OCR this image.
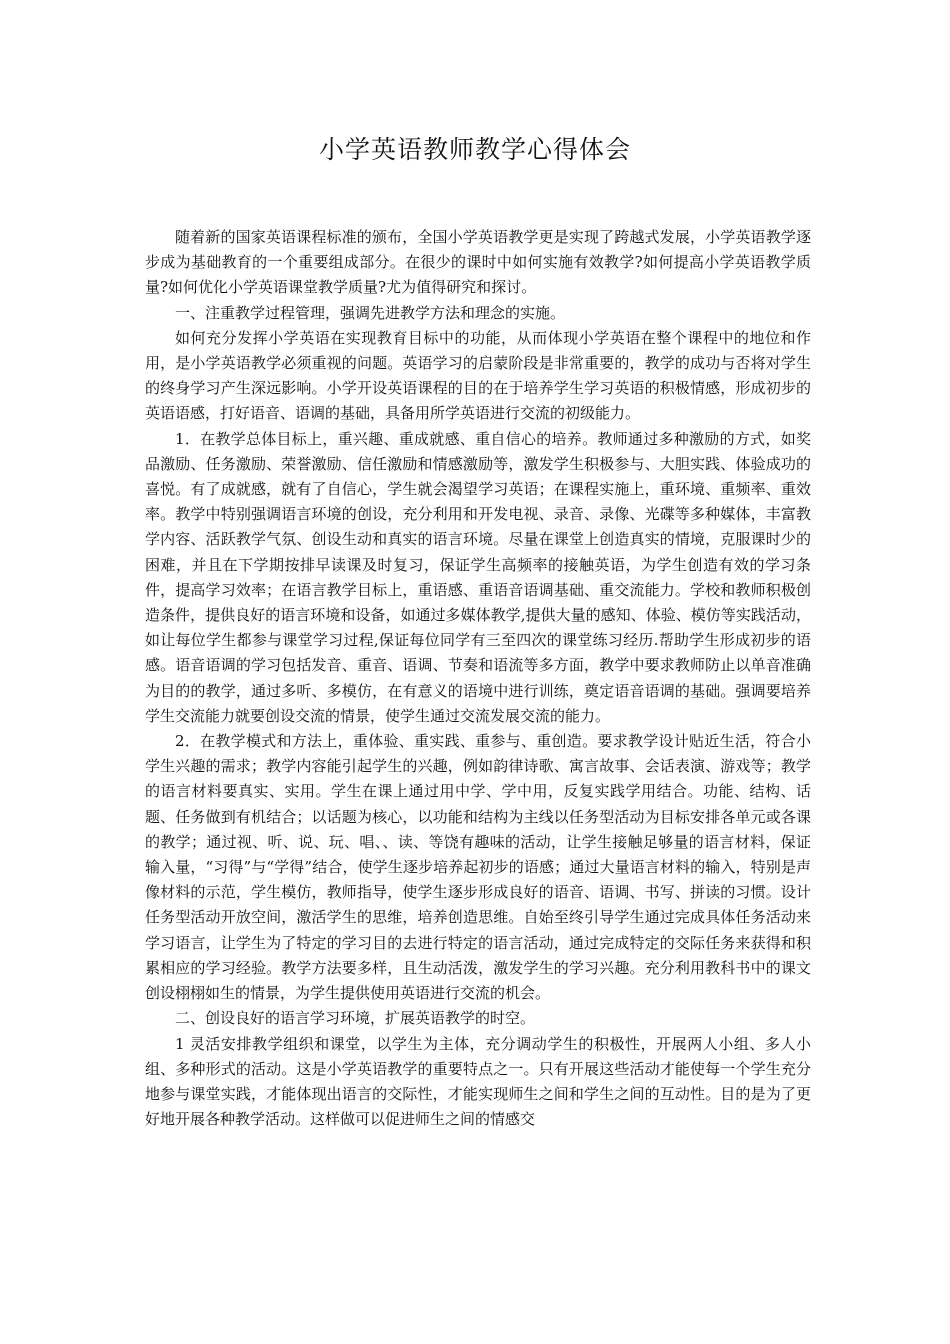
小学英语教师教学心得体会

随着新的国家英语课程标准的颁布，全国小学英语教学更是实现了跨越式发展，小学英语教学逐步成为基础教育的一个重要组成部分。在很少的课时中如何实施有效教学?如何提高小学英语教学质量?如何优化小学英语课堂教学质量?尤为值得研究和探讨。

一、注重教学过程管理，强调先进教学方法和理念的实施。

如何充分发挥小学英语在实现教育目标中的功能，从而体现小学英语在整个课程中的地位和作用，是小学英语教学必须重视的问题。英语学习的启蒙阶段是非常重要的，教学的成功与否将对学生的终身学习产生深远影响。小学开设英语课程的目的在于培养学生学习英语的积极情感，形成初步的英语语感，打好语音、语调的基础，具备用所学英语进行交流的初级能力。

1．在教学总体目标上，重兴趣、重成就感、重自信心的培养。教师通过多种激励的方式，如奖品激励、任务激励、荣誉激励、信任激励和情感激励等，激发学生积极参与、大胆实践、体验成功的喜悦。有了成就感，就有了自信心，学生就会渴望学习英语；在课程实施上，重环境、重频率、重效率。教学中特别强调语言环境的创设，充分利用和开发电视、录音、录像、光碟等多种媒体，丰富教学内容、活跃教学气氛、创设生动和真实的语言环境。尽量在课堂上创造真实的情境，克服课时少的困难，并且在下学期按排早读课及时复习，保证学生高频率的接触英语，为学生创造有效的学习条件，提高学习效率；在语言教学目标上，重语感、重语音语调基础、重交流能力。学校和教师积极创造条件，提供良好的语言环境和设备，如通过多媒体教学,提供大量的感知、体验、模仿等实践活动，如让每位学生都参与课堂学习过程,保证每位同学有三至四次的课堂练习经历.帮助学生形成初步的语感。语音语调的学习包括发音、重音、语调、节奏和语流等多方面，教学中要求教师防止以单音准确为目的的教学，通过多听、多模仿，在有意义的语境中进行训练，奠定语音语调的基础。强调要培养学生交流能力就要创设交流的情景，使学生通过交流发展交流的能力。

2．在教学模式和方法上，重体验、重实践、重参与、重创造。要求教学设计贴近生活，符合小学生兴趣的需求；教学内容能引起学生的兴趣，例如韵律诗歌、寓言故事、会话表演、游戏等；教学的语言材料要真实、实用。学生在课上通过用中学、学中用，反复实践学用结合。功能、结构、话题、任务做到有机结合；以话题为核心，以功能和结构为主线以任务型活动为目标安排各单元或各课的教学；通过视、听、说、玩、唱、、读、等饶有趣味的活动，让学生接触足够量的语言材料，保证输入量，“习得”与“学得”结合，使学生逐步培养起初步的语感；通过大量语言材料的输入，特别是声像材料的示范，学生模仿，教师指导，使学生逐步形成良好的语音、语调、书写、拼读的习惯。设计任务型活动开放空间，激活学生的思维，培养创造思维。自始至终引导学生通过完成具体任务活动来学习语言，让学生为了特定的学习目的去进行特定的语言活动，通过完成特定的交际任务来获得和积累相应的学习经验。教学方法要多样，且生动活泼，激发学生的学习兴趣。充分利用教科书中的课文创设栩栩如生的情景，为学生提供使用英语进行交流的机会。

二、创设良好的语言学习环境，扩展英语教学的时空。

1 灵活安排教学组织和课堂，以学生为主体，充分调动学生的积极性，开展两人小组、多人小组、多种形式的活动。这是小学英语教学的重要特点之一。只有开展这些活动才能使每一个学生充分地参与课堂实践，才能体现出语言的交际性，才能实现师生之间和学生之间的互动性。目的是为了更好地开展各种教学活动。这样做可以促进师生之间的情感交
